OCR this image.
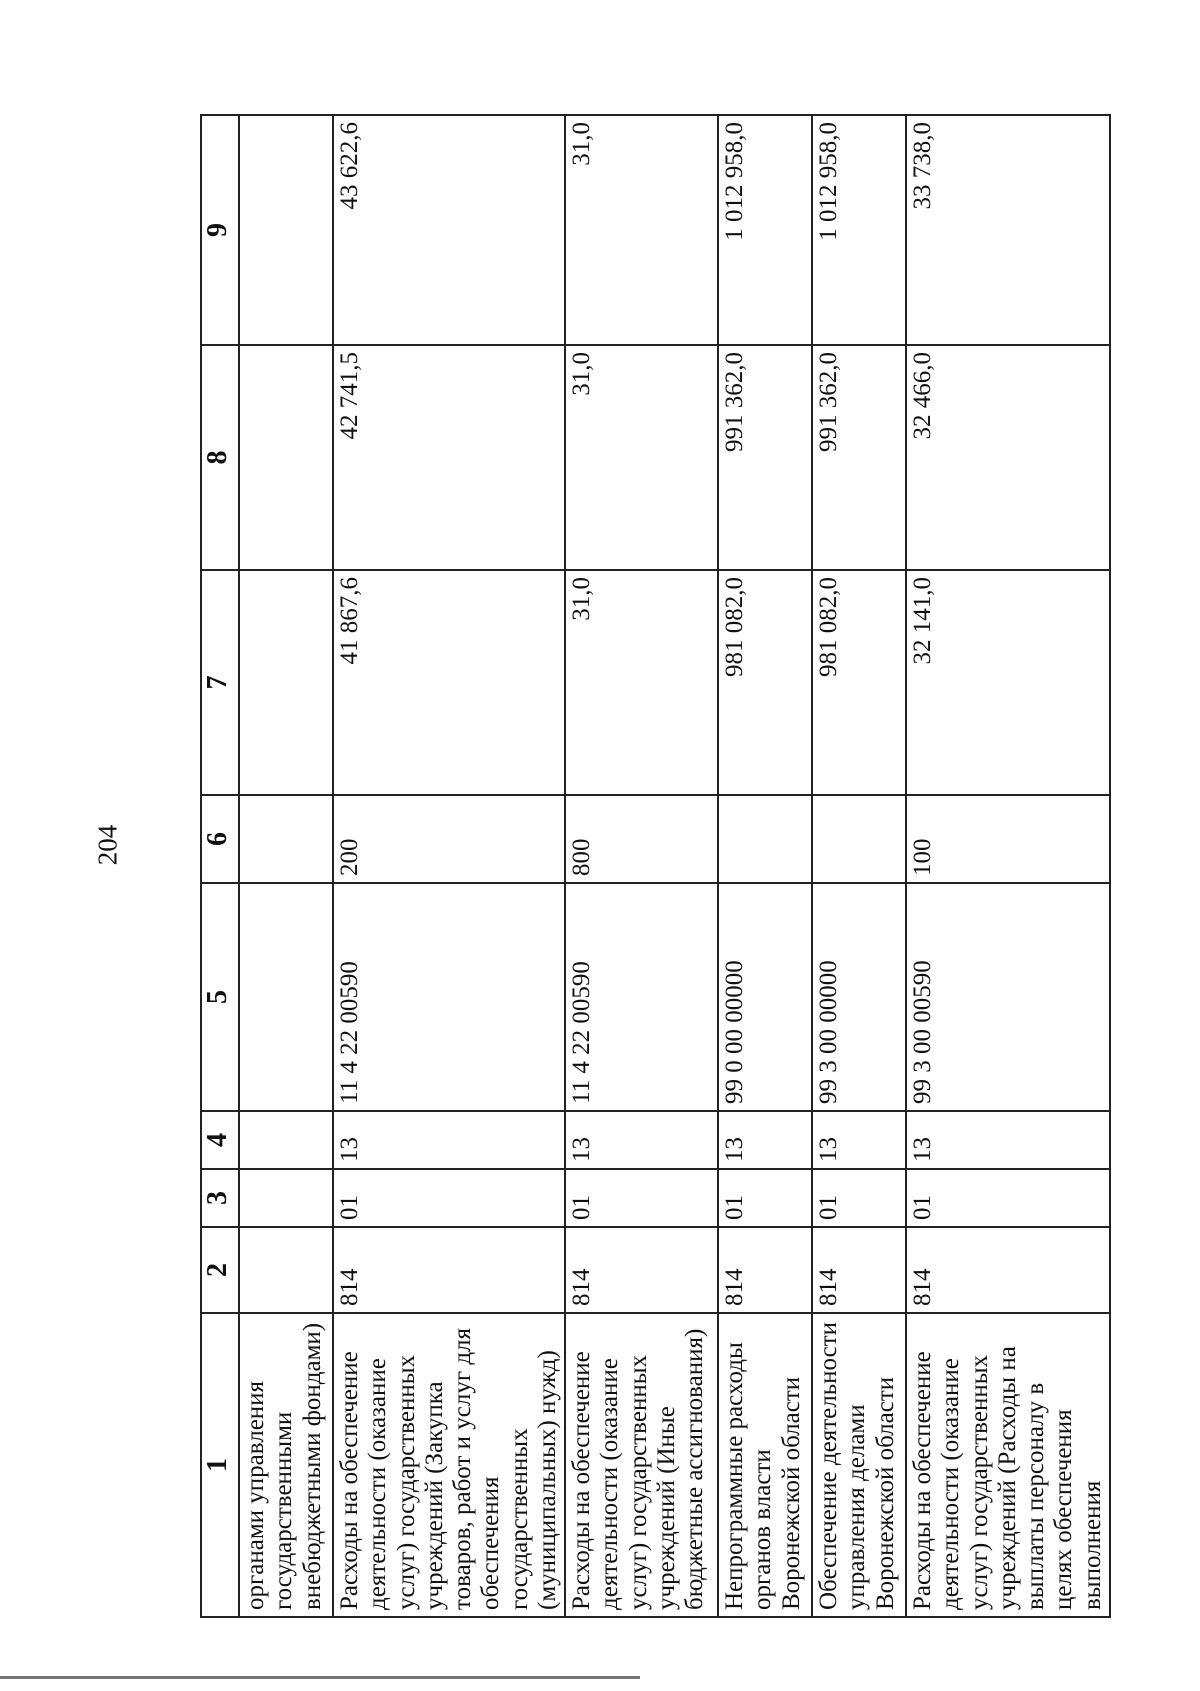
204
1	2	3	4	5	6	7	8	9
органами управления государственными внебюджетными фондами)								
Расходы на обеспечение деятельности (оказание услуг) государственных учреждений (Закупка товаров, работ и услуг для обеспечения государственных (муниципальных) нужд)	814	01	13	11 4 22 00590	200	41 867,6	42 741,5	43 622,6
Расходы на обеспечение деятельности (оказание услуг) государственных учреждений (Иные бюджетные ассигнования)	814	01	13	11 4 22 00590	800	31,0	31,0	31,0
Непрограммные расходы органов власти Воронежской области	814	01	13	99 0 00 00000		981 082,0	991 362,0	1 012 958,0
Обеспечение деятельности управления делами Воронежской области	814	01	13	99 3 00 00000		981 082,0	991 362,0	1 012 958,0
Расходы на обеспечение деятельности (оказание услуг) государственных учреждений (Расходы на выплаты персоналу в целях обеспечения выполнения	814	01	13	99 3 00 00590	100	32 141,0	32 466,0	33 738,0
